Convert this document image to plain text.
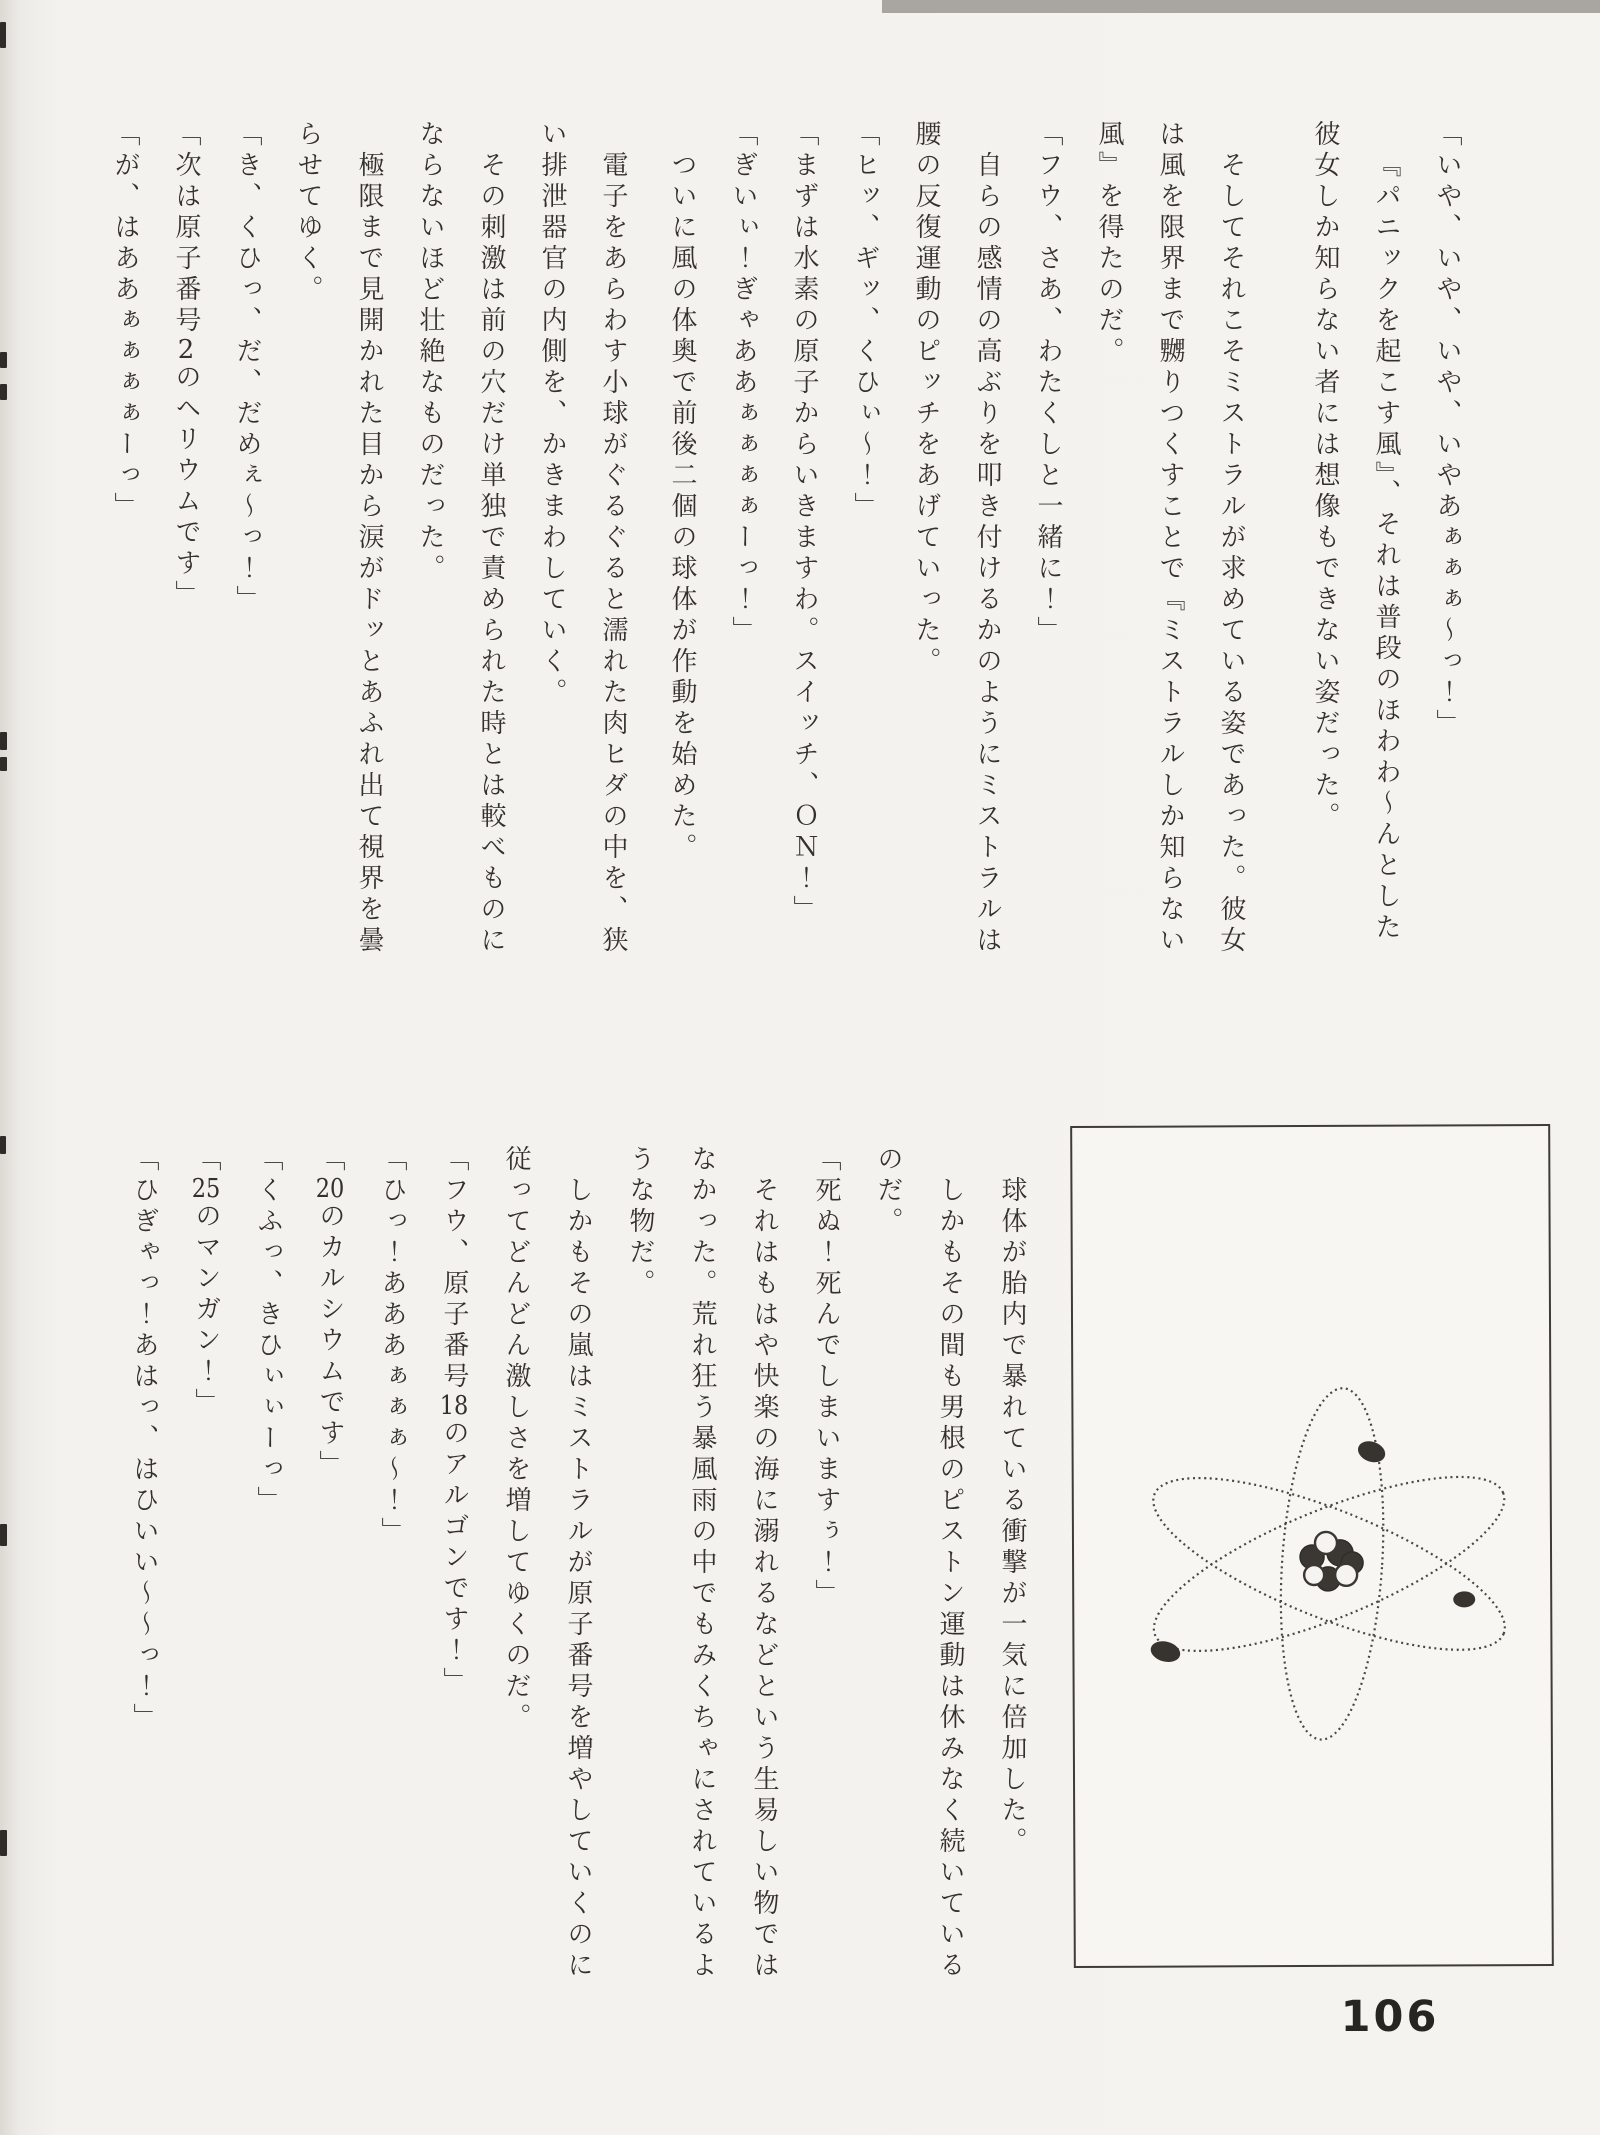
「いや、いや、いや、いやあぁぁぁ〜っ！」
『パニックを起こす風』、それは普段のほわわ〜んとした
彼女しか知らない者には想像もできない姿だった。
そしてそれこそミストラルが求めている姿であった。彼女
は風を限界まで嬲りつくすことで『ミストラルしか知らない
風』を得たのだ。
「フウ、さあ、わたくしと一緒に！」
自らの感情の高ぶりを叩き付けるかのようにミストラルは
腰の反復運動のピッチをあげていった。
「ヒッ、ギッ、くひぃ〜！」
「まずは水素の原子からいきますわ。スイッチ、ＯＮ！」
「ぎいぃ！ぎゃああぁぁぁぁーっ！」
ついに風の体奥で前後二個の球体が作動を始めた。
電子をあらわす小球がぐるぐると濡れた肉ヒダの中を、狭
い排泄器官の内側を、かきまわしていく。
その刺激は前の穴だけ単独で責められた時とは較べものに
ならないほど壮絶なものだった。
極限まで見開かれた目から涙がドッとあふれ出て視界を曇
らせてゆく。
「き、くひっ、だ、だめぇ〜っ！」
「次は原子番号2のヘリウムです」
「が、はああぁぁぁぁーっ」
球体が胎内で暴れている衝撃が一気に倍加した。
しかもその間も男根のピストン運動は休みなく続いている
のだ。
「死ぬ！死んでしまいますぅ！」
それはもはや快楽の海に溺れるなどという生易しい物では
なかった。荒れ狂う暴風雨の中でもみくちゃにされているよ
うな物だ。
しかもその嵐はミストラルが原子番号を増やしていくのに
従ってどんどん激しさを増してゆくのだ。
「フウ、原子番号18のアルゴンです！」
「ひっ！あああぁぁぁ〜！」
「20のカルシウムです」
「くふっ、きひぃぃーっ」
「25のマンガン！」
「ひぎゃっ！あはっ、はひいい〜〜っ！」
106
